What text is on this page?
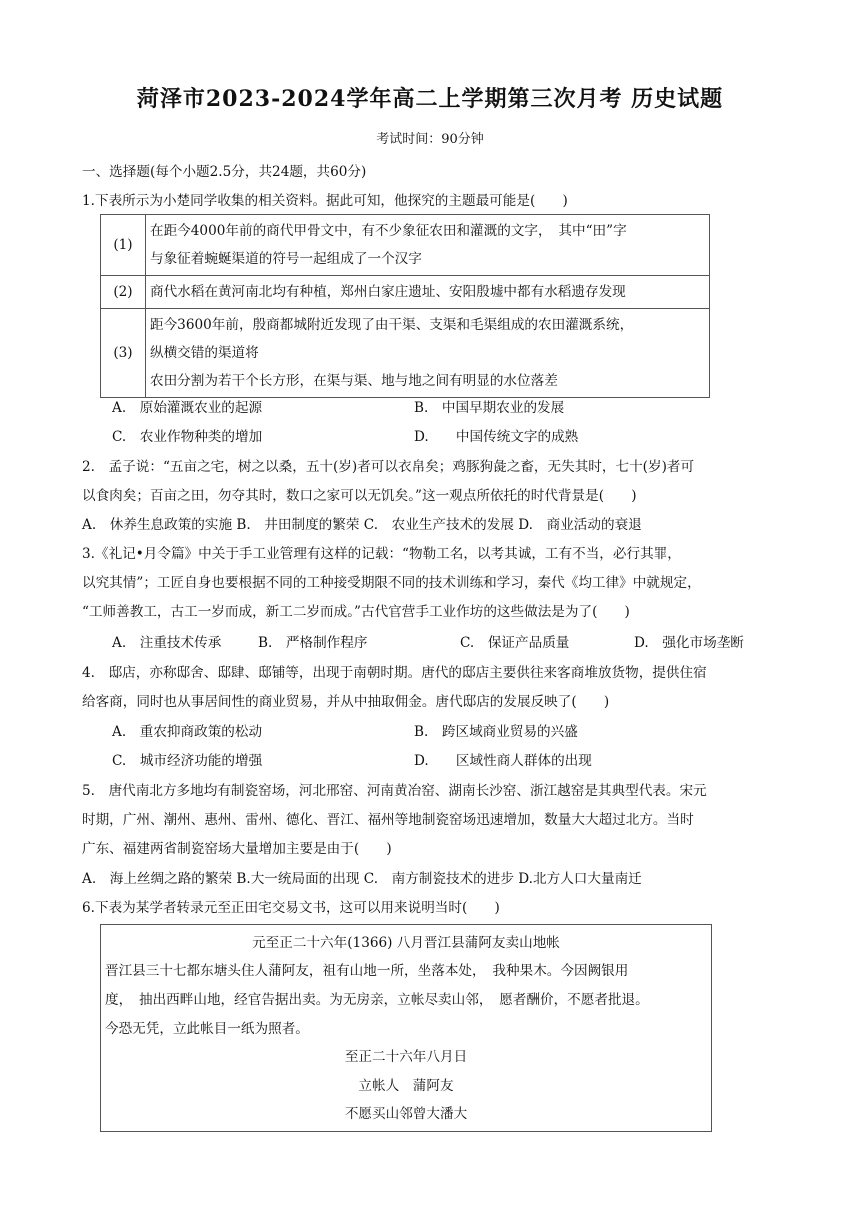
菏泽市2023-2024学年高二上学期第三次月考 历史试题
考试时间：90分钟
一、选择题(每个小题2.5分，共24题，共60分)
1.下表所示为小楚同学收集的相关资料。据此可知，他探究的主题最可能是(　　)
(1)	在距今4000年前的商代甲骨文中，有不少象征农田和灌溉的文字，　其中“田”字
与象征着蜿蜒渠道的符号一起组成了一个汉字

(2)	商代水稻在黄河南北均有种植，郑州白家庄遗址、安阳殷墟中都有水稻遗存发现

(3)	距今3600年前，殷商都城附近发现了由干渠、支渠和毛渠组成的农田灌溉系统，
纵横交错的渠道将
农田分割为若干个长方形，在渠与渠、地与地之间有明显的水位落差
A.　原始灌溉农业的起源	B.　中国早期农业的发展
C.　农业作物种类的增加	D.　　中国传统文字的成熟
2.　孟子说：“五亩之宅，树之以桑，五十(岁)者可以衣帛矣；鸡豚狗彘之畜，无失其时，七十(岁)者可
以食肉矣；百亩之田，勿夺其时，数口之家可以无饥矣。”这一观点所依托的时代背景是(　　)
A.　休养生息政策的实施 B.　井田制度的繁荣 C.　农业生产技术的发展 D.　商业活动的衰退
3.《礼记•月令篇》中关于手工业管理有这样的记载：“物勒工名，以考其诚，工有不当，必行其罪，
以究其情”；工匠自身也要根据不同的工种接受期限不同的技术训练和学习，秦代《均工律》中就规定，
“工师善教工，古工一岁而成，新工二岁而成。”古代官营手工业作坊的这些做法是为了(　　)
A.　注重技术传承	B.　严格制作程序	C.　保证产品质量	D.　强化市场垄断
4.　邸店，亦称邸舍、邸肆、邸铺等，出现于南朝时期。唐代的邸店主要供往来客商堆放货物，提供住宿
给客商，同时也从事居间性的商业贸易，并从中抽取佣金。唐代邸店的发展反映了(　　)
A.　重农抑商政策的松动	B.　跨区域商业贸易的兴盛
C.　城市经济功能的增强	D.　　区域性商人群体的出现
5.　唐代南北方多地均有制瓷窑场，河北邢窑、河南黄冶窑、湖南长沙窑、浙江越窑是其典型代表。宋元
时期，广州、潮州、惠州、雷州、德化、晋江、福州等地制瓷窑场迅速增加，数量大大超过北方。当时
广东、福建两省制瓷窑场大量增加主要是由于(　　)
A.　海上丝绸之路的繁荣 B.大一统局面的出现 C.　南方制瓷技术的进步 D.北方人口大量南迁
6.下表为某学者转录元至正田宅交易文书，这可以用来说明当时(　　)
元至正二十六年(1366) 八月晋江县蒲阿友卖山地帐
晋江县三十七都东塘头住人蒲阿友，祖有山地一所，坐落本处，　我种果木。今因阙银用
度，　抽出西畔山地，经官告据出卖。为无房亲，立帐尽卖山邻，　愿者酬价，不愿者批退。
今恐无凭，立此帐目一纸为照者。
至正二十六年八月日
立帐人　蒲阿友
不愿买山邻曾大潘大
